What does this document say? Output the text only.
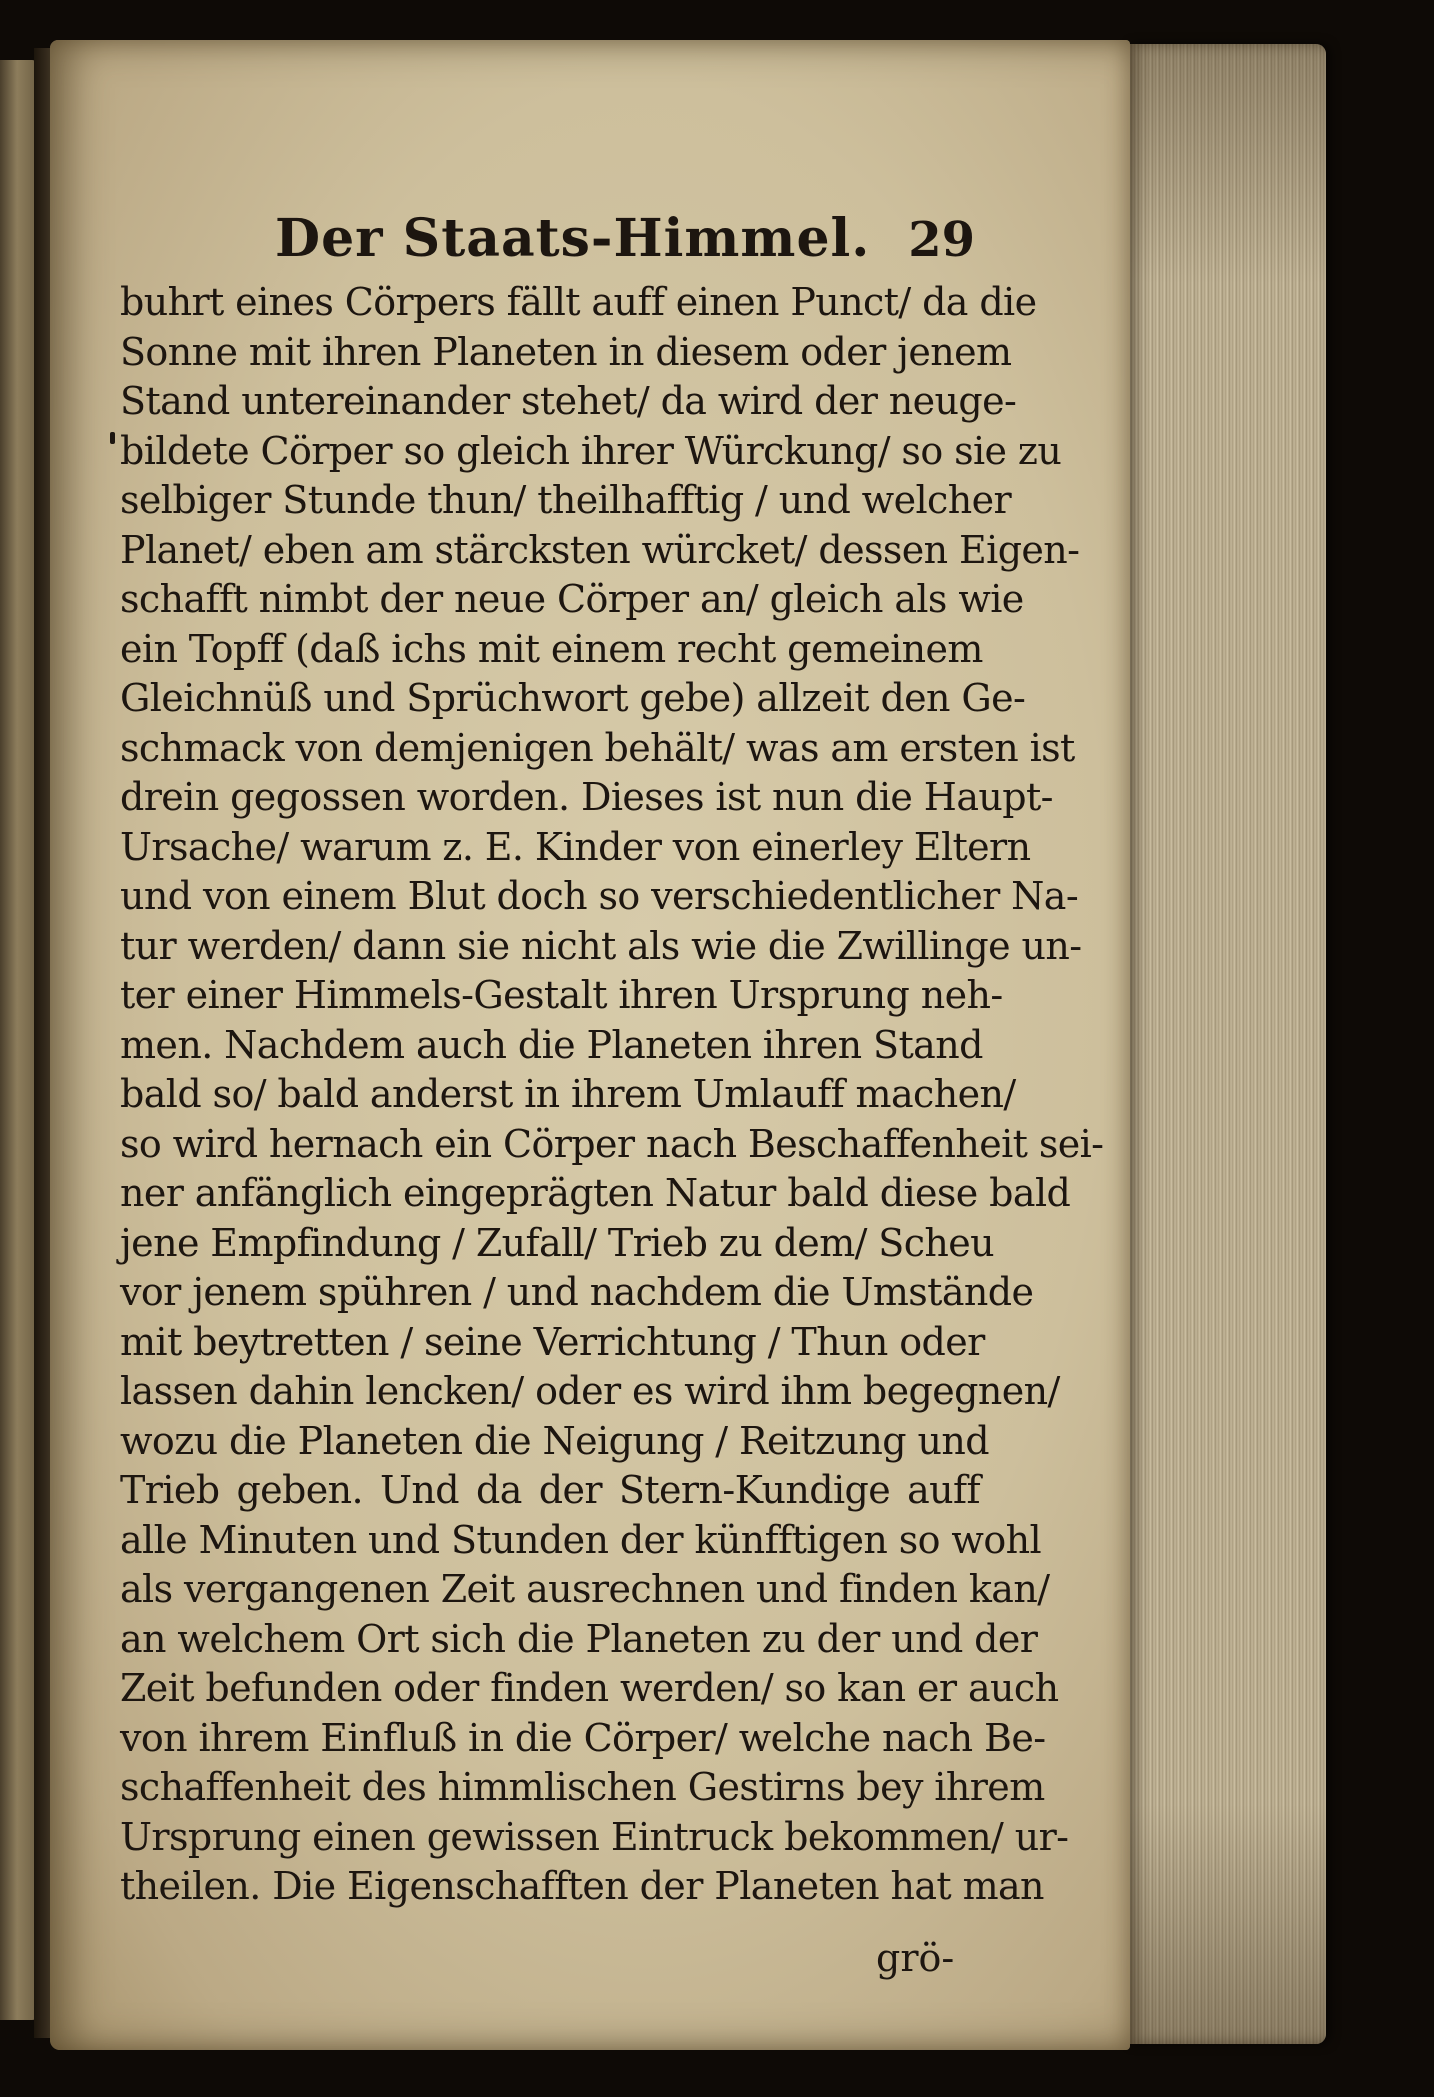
Der Staats-Himmel. 29
buhrt eines Cörpers fällt auff einen Punct/ da die
Sonne mit ihren Planeten in diesem oder jenem
Stand untereinander stehet/ da wird der neuge-
bildete Cörper so gleich ihrer Würckung/ so sie zu
selbiger Stunde thun/ theilhafftig / und welcher
Planet/ eben am stärcksten würcket/ dessen Eigen-
schafft nimbt der neue Cörper an/ gleich als wie
ein Topff (daß ichs mit einem recht gemeinem
Gleichnüß und Sprüchwort gebe) allzeit den Ge-
schmack von demjenigen behält/ was am ersten ist
drein gegossen worden. Dieses ist nun die Haupt-
Ursache/ warum z. E. Kinder von einerley Eltern
und von einem Blut doch so verschiedentlicher Na-
tur werden/ dann sie nicht als wie die Zwillinge un-
ter einer Himmels-Gestalt ihren Ursprung neh-
men. Nachdem auch die Planeten ihren Stand
bald so/ bald anderst in ihrem Umlauff machen/
so wird hernach ein Cörper nach Beschaffenheit sei-
ner anfänglich eingeprägten Natur bald diese bald
jene Empfindung / Zufall/ Trieb zu dem/ Scheu
vor jenem spühren / und nachdem die Umstände
mit beytretten / seine Verrichtung / Thun oder
lassen dahin lencken/ oder es wird ihm begegnen/
wozu die Planeten die Neigung / Reitzung und
Trieb geben. Und da der Stern-Kundige auff
alle Minuten und Stunden der künfftigen so wohl
als vergangenen Zeit ausrechnen und finden kan/
an welchem Ort sich die Planeten zu der und der
Zeit befunden oder finden werden/ so kan er auch
von ihrem Einfluß in die Cörper/ welche nach Be-
schaffenheit des himmlischen Gestirns bey ihrem
Ursprung einen gewissen Eintruck bekommen/ ur-
theilen. Die Eigenschafften der Planeten hat man
grö-
